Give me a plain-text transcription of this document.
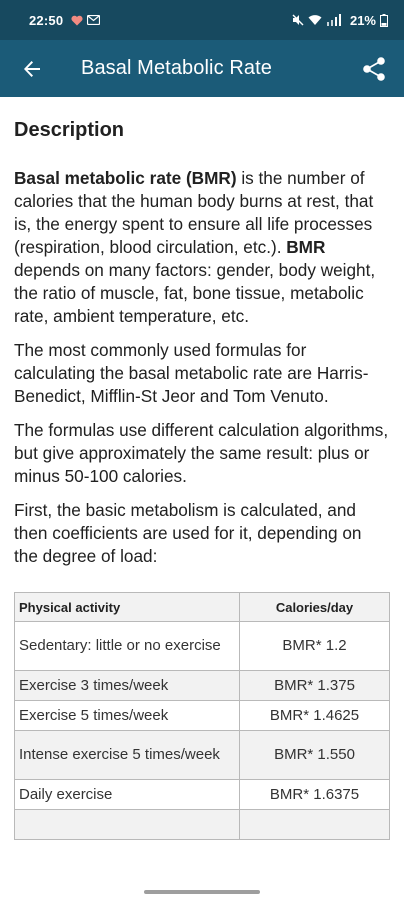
22:50	21%
Basal Metabolic Rate
Description

Basal metabolic rate (BMR) is the number of calories that the human body burns at rest, that is, the energy spent to ensure all life processes (respiration, blood circulation, etc.). BMR depends on many factors: gender, body weight, the ratio of muscle, fat, bone tissue, metabolic rate, ambient temperature, etc.

The most commonly used formulas for calculating the basal metabolic rate are Harris-Benedict, Mifflin-St Jeor and Tom Venuto.

The formulas use different calculation algorithms, but give approximately the same result: plus or minus 50-100 calories.

First, the basic metabolism is calculated, and then coefficients are used for it, depending on the degree of load:

Physical activity	Calories/day
Sedentary: little or no exercise	BMR* 1.2
Exercise 3 times/week	BMR* 1.375
Exercise 5 times/week	BMR* 1.4625
Intense exercise 5 times/week	BMR* 1.550
Daily exercise	BMR* 1.6375
